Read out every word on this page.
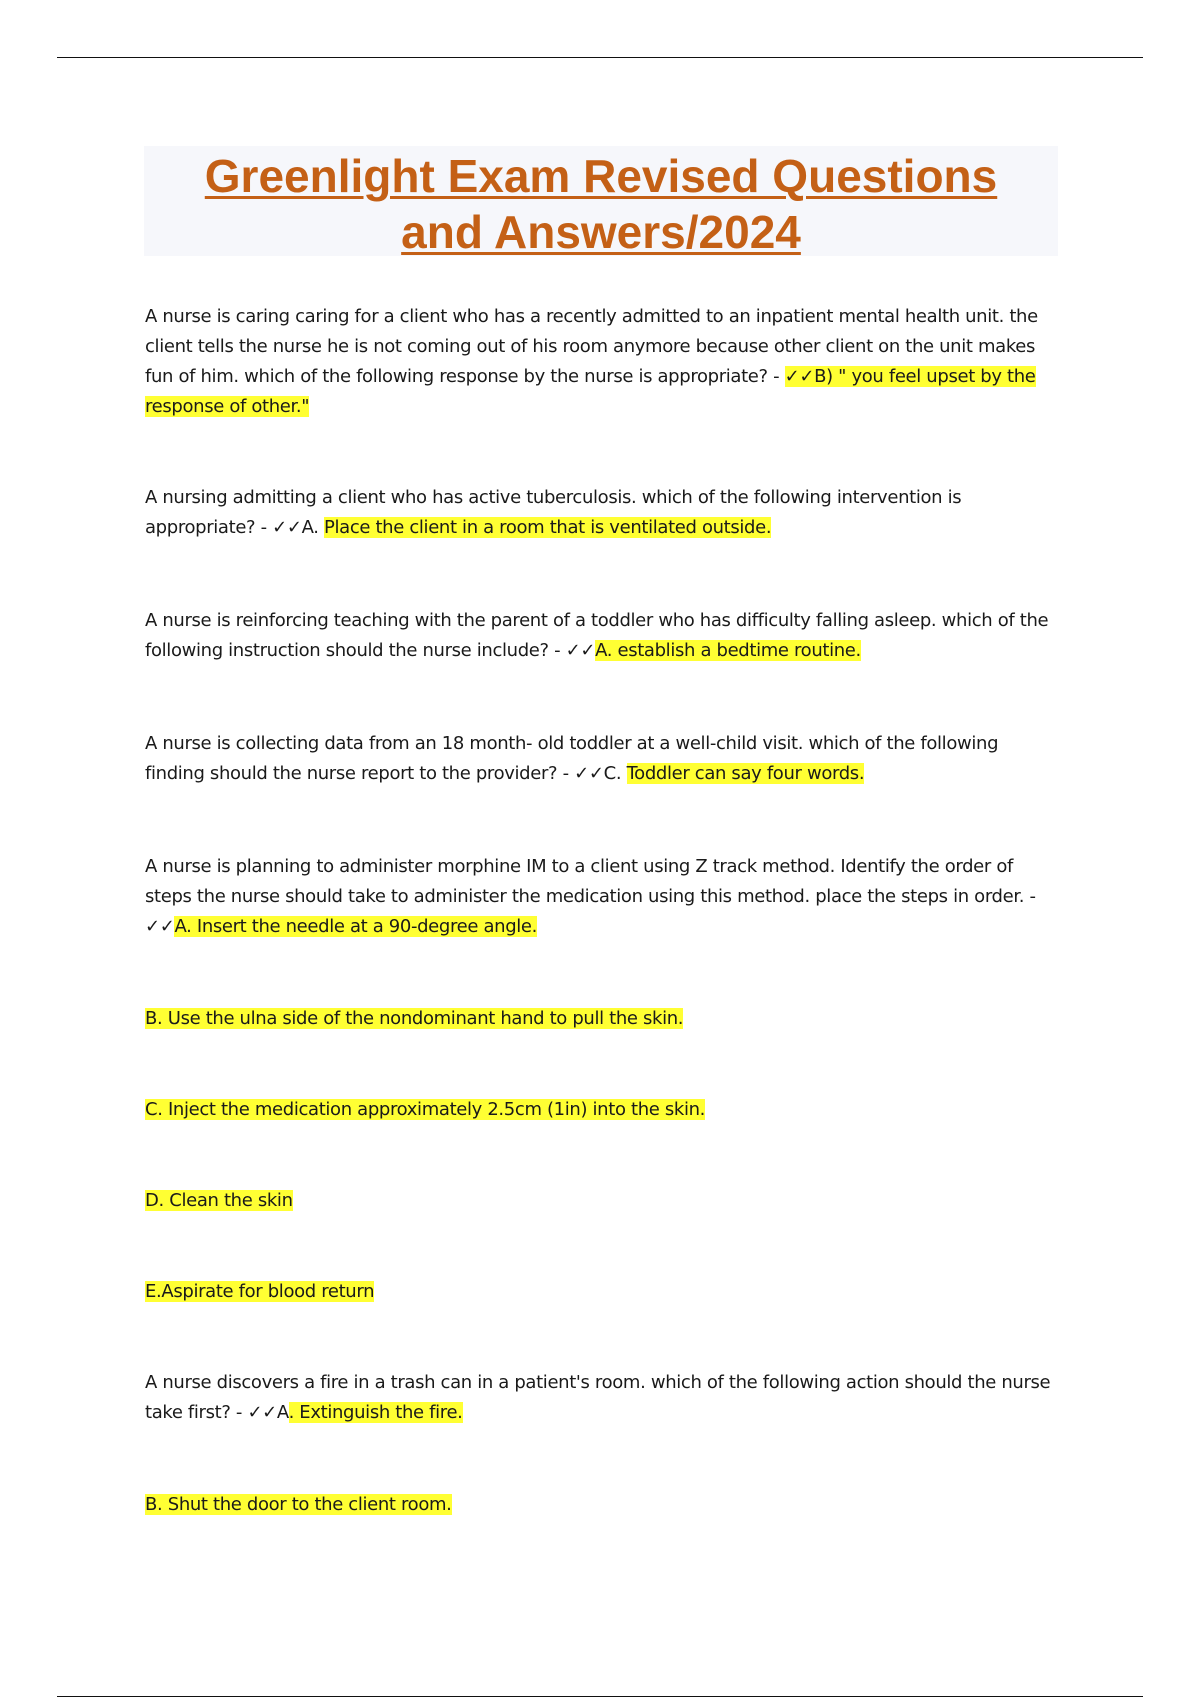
Greenlight Exam Revised Questions
and Answers/2024

A nurse is caring caring for a client who has a recently admitted to an inpatient mental health unit. the client tells the nurse he is not coming out of his room anymore because other client on the unit makes fun of him. which of the following response by the nurse is appropriate? - ✓✓B) " you feel upset by the response of other."

A nursing admitting a client who has active tuberculosis. which of the following intervention is appropriate? - ✓✓A. Place the client in a room that is ventilated outside.

A nurse is reinforcing teaching with the parent of a toddler who has difficulty falling asleep. which of the following instruction should the nurse include? - ✓✓A. establish a bedtime routine.

A nurse is collecting data from an 18 month- old toddler at a well-child visit. which of the following finding should the nurse report to the provider? - ✓✓C. Toddler can say four words.

A nurse is planning to administer morphine IM to a client using Z track method. Identify the order of steps the nurse should take to administer the medication using this method. place the steps in order. - ✓✓A. Insert the needle at a 90-degree angle.

B. Use the ulna side of the nondominant hand to pull the skin.

C. Inject the medication approximately 2.5cm (1in) into the skin.

D. Clean the skin

E.Aspirate for blood return

A nurse discovers a fire in a trash can in a patient's room. which of the following action should the nurse take first? - ✓✓A. Extinguish the fire.

B. Shut the door to the client room.
